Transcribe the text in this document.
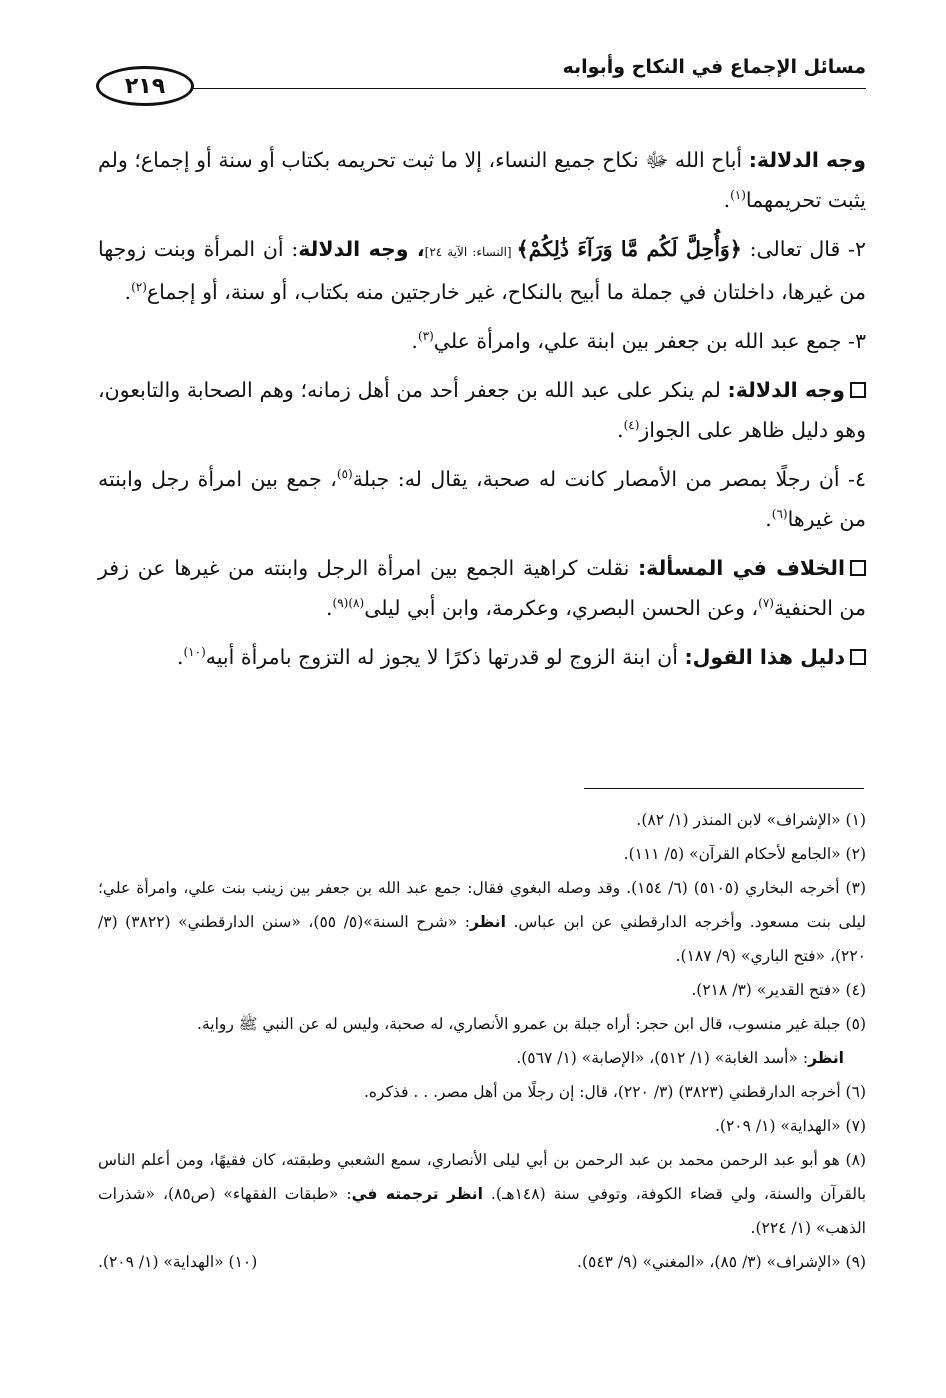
مسائل الإجماع في النكاح وأبوابه
٢١٩

وجه الدلالة: أباح الله ﷻ نكاح جميع النساء، إلا ما ثبت تحريمه بكتاب أو سنة أو إجماع؛ ولم يثبت تحريمهما$^{(١)}$.

٢- قال تعالى: ﴿وَأُحِلَّ لَكُم مَّا وَرَآءَ ذَٰلِكُمْ﴾ [النساء: الآية ٢٤]، وجه الدلالة: أن المرأة وبنت زوجها من غيرها، داخلتان في جملة ما أبيح بالنكاح، غير خارجتين منه بكتاب، أو سنة، أو إجماع$^{(٢)}$.

٣- جمع عبد الله بن جعفر بين ابنة علي، وامرأة علي$^{(٣)}$.

وجه الدلالة: لم ينكر على عبد الله بن جعفر أحد من أهل زمانه؛ وهم الصحابة والتابعون، وهو دليل ظاهر على الجواز$^{(٤)}$.

٤- أن رجلًا بمصر من الأمصار كانت له صحبة، يقال له: جبلة$^{(٥)}$، جمع بين امرأة رجل وابنته من غيرها$^{(٦)}$.

الخلاف في المسألة: نقلت كراهية الجمع بين امرأة الرجل وابنته من غيرها عن زفر من الحنفية$^{(٧)}$، وعن الحسن البصري، وعكرمة، وابن أبي ليلى$^{(٨)(٩)}$.

دليل هذا القول: أن ابنة الزوج لو قدرتها ذكرًا لا يجوز له التزوج بامرأة أبيه$^{(١٠)}$.

(١) «الإشراف» لابن المنذر (١/ ٨٢).

(٢) «الجامع لأحكام القرآن» (٥/ ١١١).

(٣) أخرجه البخاري (٥١٠٥) (٦/ ١٥٤). وقد وصله البغوي فقال: جمع عبد الله بن جعفر بين زينب بنت علي، وامرأة علي؛ ليلى بنت مسعود. وأخرجه الدارقطني عن ابن عباس. انظر: «شرح السنة»(٥/ ٥٥)، «سنن الدارقطني» (٣٨٢٢) (٣/ ٢٢٠)، «فتح الباري» (٩/ ١٨٧).

(٤) «فتح القدير» (٣/ ٢١٨).

(٥) جبلة غير منسوب، قال ابن حجر: أراه جبلة بن عمرو الأنصاري، له صحبة، وليس له عن النبي ﷺ رواية.

انظر: «أسد الغابة» (١/ ٥١٢)، «الإصابة» (١/ ٥٦٧).

(٦) أخرجه الدارقطني (٣٨٢٣) (٣/ ٢٢٠)، قال: إن رجلًا من أهل مصر. . . فذكره.

(٧) «الهداية» (١/ ٢٠٩).

(٨) هو أبو عبد الرحمن محمد بن عبد الرحمن بن أبي ليلى الأنصاري، سمع الشعبي وطبقته، كان فقيهًا، ومن أعلم الناس بالقرآن والسنة، ولي قضاء الكوفة، وتوفي سنة (١٤٨هـ). انظر ترجمته في: «طبقات الفقهاء» (ص٨٥)، «شذرات الذهب» (١/ ٢٢٤).

(٩) «الإشراف» (٣/ ٨٥)، «المغني» (٩/ ٥٤٣).
(١٠) «الهداية» (١/ ٢٠٩).
